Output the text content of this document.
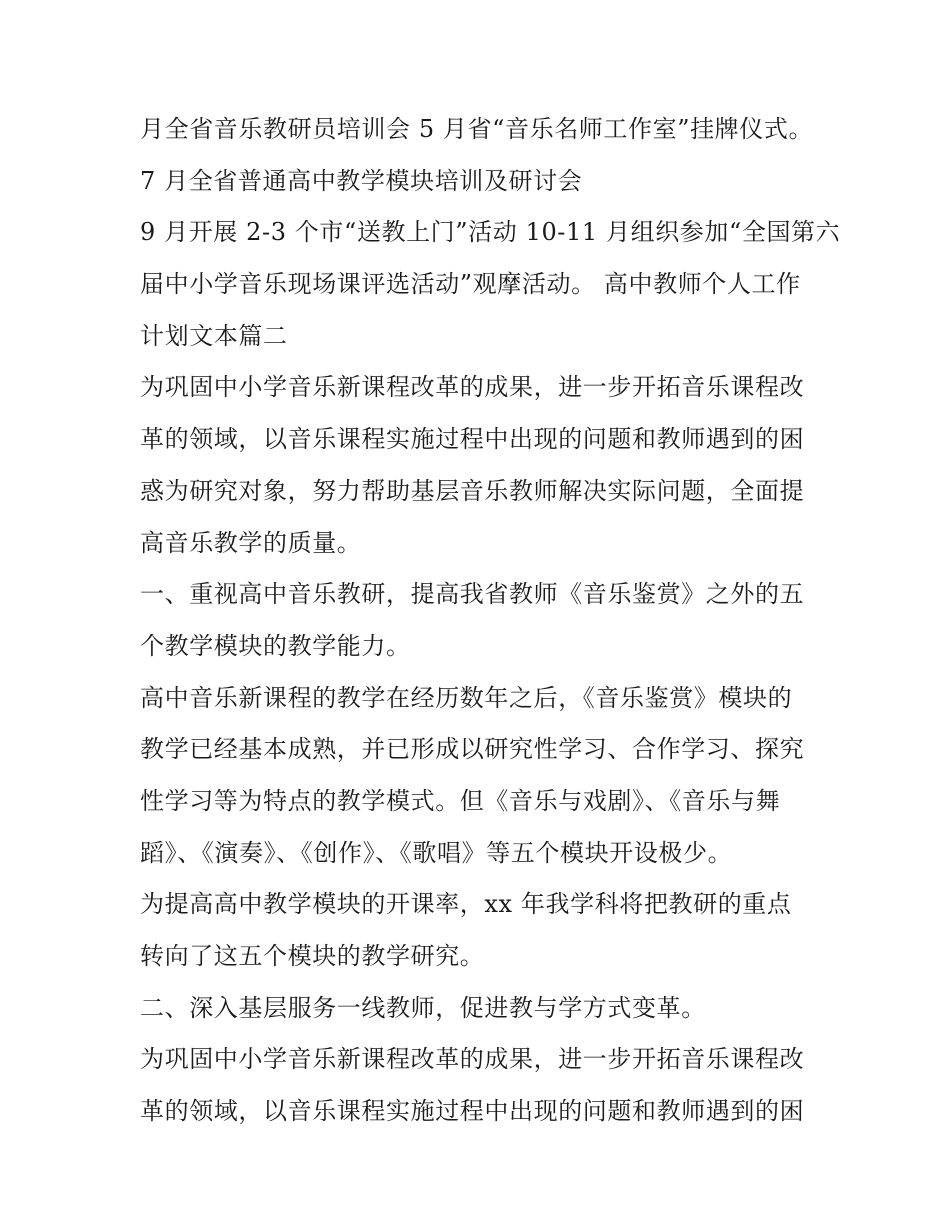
月全省音乐教研员培训会 5 月省“音乐名师工作室”挂牌仪式。
7 月全省普通高中教学模块培训及研讨会
9 月开展 2-3 个市“送教上门”活动 10-11 月组织参加“全国第六
届中小学音乐现场课评选活动”观摩活动。 高中教师个人工作
计划文本篇二
为巩固中小学音乐新课程改革的成果，进一步开拓音乐课程改
革的领域，以音乐课程实施过程中出现的问题和教师遇到的困
惑为研究对象，努力帮助基层音乐教师解决实际问题，全面提
高音乐教学的质量。
一、重视高中音乐教研，提高我省教师《音乐鉴赏》之外的五
个教学模块的教学能力。
高中音乐新课程的教学在经历数年之后，《音乐鉴赏》模块的
教学已经基本成熟，并已形成以研究性学习、合作学习、探究
性学习等为特点的教学模式。但《音乐与戏剧》、《音乐与舞
蹈》、《演奏》、《创作》、《歌唱》等五个模块开设极少。
为提高高中教学模块的开课率，xx 年我学科将把教研的重点
转向了这五个模块的教学研究。
二、深入基层服务一线教师，促进教与学方式变革。
为巩固中小学音乐新课程改革的成果，进一步开拓音乐课程改
革的领域，以音乐课程实施过程中出现的问题和教师遇到的困
